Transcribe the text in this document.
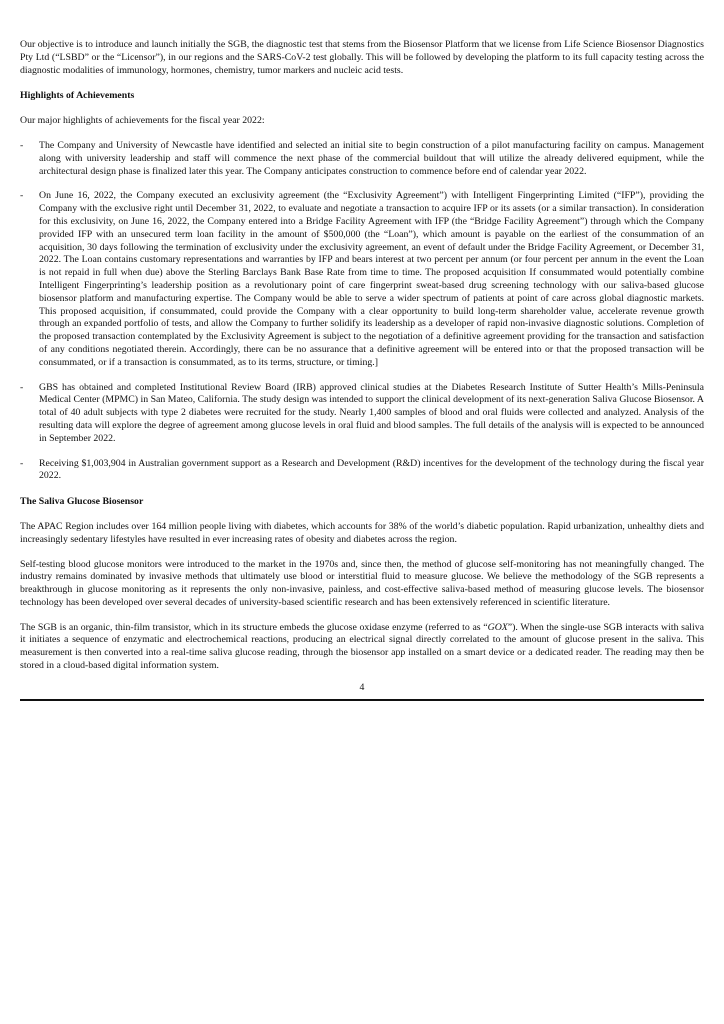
Our objective is to introduce and launch initially the SGB, the diagnostic test that stems from the Biosensor Platform that we license from Life Science Biosensor Diagnostics Pty Ltd (“LSBD” or the “Licensor”), in our regions and the SARS-CoV-2 test globally. This will be followed by developing the platform to its full capacity testing across the diagnostic modalities of immunology, hormones, chemistry, tumor markers and nucleic acid tests.

Highlights of Achievements

Our major highlights of achievements for the fiscal year 2022:

-	The Company and University of Newcastle have identified and selected an initial site to begin construction of a pilot manufacturing facility on campus. Management along with university leadership and staff will commence the next phase of the commercial buildout that will utilize the already delivered equipment, while the architectural design phase is finalized later this year. The Company anticipates construction to commence before end of calendar year 2022.
-	On June 16, 2022, the Company executed an exclusivity agreement (the “Exclusivity Agreement”) with Intelligent Fingerprinting Limited (“IFP”), providing the Company with the exclusive right until December 31, 2022, to evaluate and negotiate a transaction to acquire IFP or its assets (or a similar transaction). In consideration for this exclusivity, on June 16, 2022, the Company entered into a Bridge Facility Agreement with IFP (the “Bridge Facility Agreement”) through which the Company provided IFP with an unsecured term loan facility in the amount of $500,000 (the “Loan”), which amount is payable on the earliest of the consummation of an acquisition, 30 days following the termination of exclusivity under the exclusivity agreement, an event of default under the Bridge Facility Agreement, or December 31, 2022. The Loan contains customary representations and warranties by IFP and bears interest at two percent per annum (or four percent per annum in the event the Loan is not repaid in full when due) above the Sterling Barclays Bank Base Rate from time to time. The proposed acquisition If consummated would potentially combine Intelligent Fingerprinting’s leadership position as a revolutionary point of care fingerprint sweat-based drug screening technology with our saliva-based glucose biosensor platform and manufacturing expertise. The Company would be able to serve a wider spectrum of patients at point of care across global diagnostic markets. This proposed acquisition, if consummated, could provide the Company with a clear opportunity to build long-term shareholder value, accelerate revenue growth through an expanded portfolio of tests, and allow the Company to further solidify its leadership as a developer of rapid non-invasive diagnostic solutions. Completion of the proposed transaction contemplated by the Exclusivity Agreement is subject to the negotiation of a definitive agreement providing for the transaction and satisfaction of any conditions negotiated therein. Accordingly, there can be no assurance that a definitive agreement will be entered into or that the proposed transaction will be consummated, or if a transaction is consummated, as to its terms, structure, or timing.]
-	GBS has obtained and completed Institutional Review Board (IRB) approved clinical studies at the Diabetes Research Institute of Sutter Health’s Mills-Peninsula Medical Center (MPMC) in San Mateo, California. The study design was intended to support the clinical development of its next-generation Saliva Glucose Biosensor. A total of 40 adult subjects with type 2 diabetes were recruited for the study. Nearly 1,400 samples of blood and oral fluids were collected and analyzed. Analysis of the resulting data will explore the degree of agreement among glucose levels in oral fluid and blood samples. The full details of the analysis will is expected to be announced in September 2022.
-	Receiving $1,003,904 in Australian government support as a Research and Development (R&D) incentives for the development of the technology during the fiscal year 2022.

The Saliva Glucose Biosensor

The APAC Region includes over 164 million people living with diabetes, which accounts for 38% of the world’s diabetic population. Rapid urbanization, unhealthy diets and increasingly sedentary lifestyles have resulted in ever increasing rates of obesity and diabetes across the region.

Self-testing blood glucose monitors were introduced to the market in the 1970s and, since then, the method of glucose self-monitoring has not meaningfully changed. The industry remains dominated by invasive methods that ultimately use blood or interstitial fluid to measure glucose. We believe the methodology of the SGB represents a breakthrough in glucose monitoring as it represents the only non-invasive, painless, and cost-effective saliva-based method of measuring glucose levels. The biosensor technology has been developed over several decades of university-based scientific research and has been extensively referenced in scientific literature.

The SGB is an organic, thin-film transistor, which in its structure embeds the glucose oxidase enzyme (referred to as “GOX”). When the single-use SGB interacts with saliva it initiates a sequence of enzymatic and electrochemical reactions, producing an electrical signal directly correlated to the amount of glucose present in the saliva. This measurement is then converted into a real-time saliva glucose reading, through the biosensor app installed on a smart device or a dedicated reader. The reading may then be stored in a cloud-based digital information system.

4
